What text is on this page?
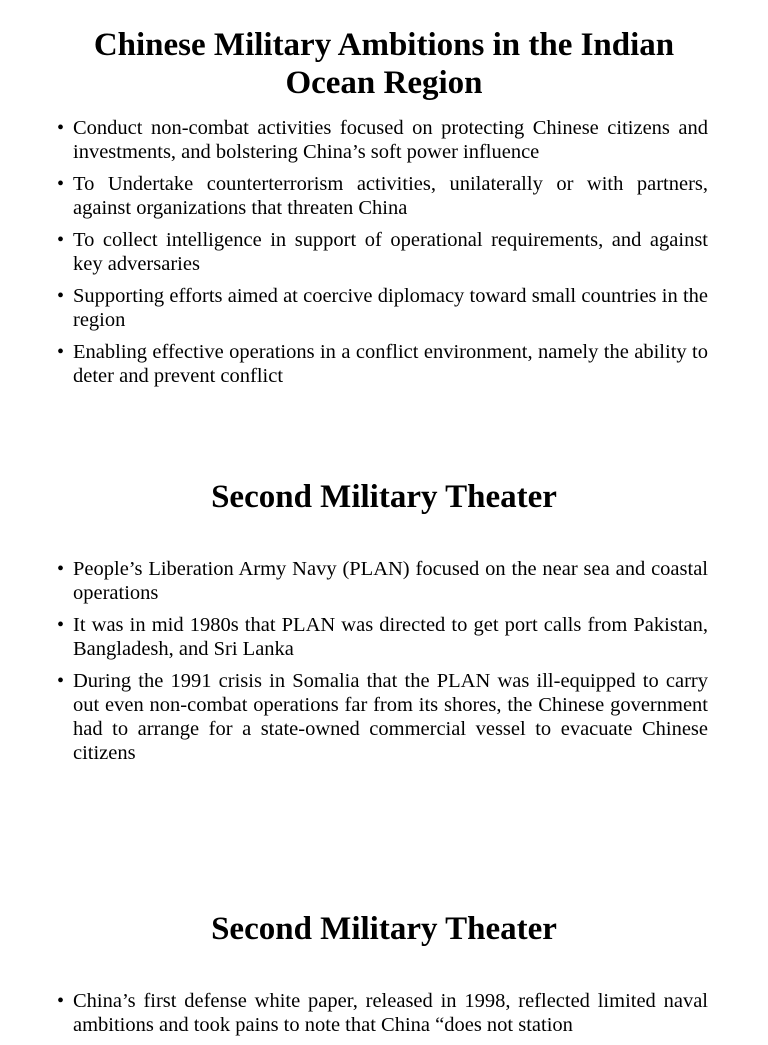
Chinese Military Ambitions in the Indian Ocean Region
• Conduct non-combat activities focused on protecting Chinese citizens and investments, and bolstering China’s soft power influence
• To Undertake counterterrorism activities, unilaterally or with partners, against organizations that threaten China
• To collect intelligence in support of operational requirements, and against key adversaries
• Supporting efforts aimed at coercive diplomacy toward small countries in the region
• Enabling effective operations in a conflict environment, namely the ability to deter and prevent conflict
Second Military Theater
• People’s Liberation Army Navy (PLAN) focused on the near sea and coastal operations
• It was in mid 1980s that PLAN was directed to get port calls from Pakistan, Bangladesh, and Sri Lanka
• During the 1991 crisis in Somalia that the PLAN was ill-equipped to carry out even non-combat operations far from its shores, the Chinese government had to arrange for a state-owned commercial vessel to evacuate Chinese citizens
Second Military Theater
• China’s first defense white paper, released in 1998, reflected limited naval ambitions and took pains to note that China “does not station
